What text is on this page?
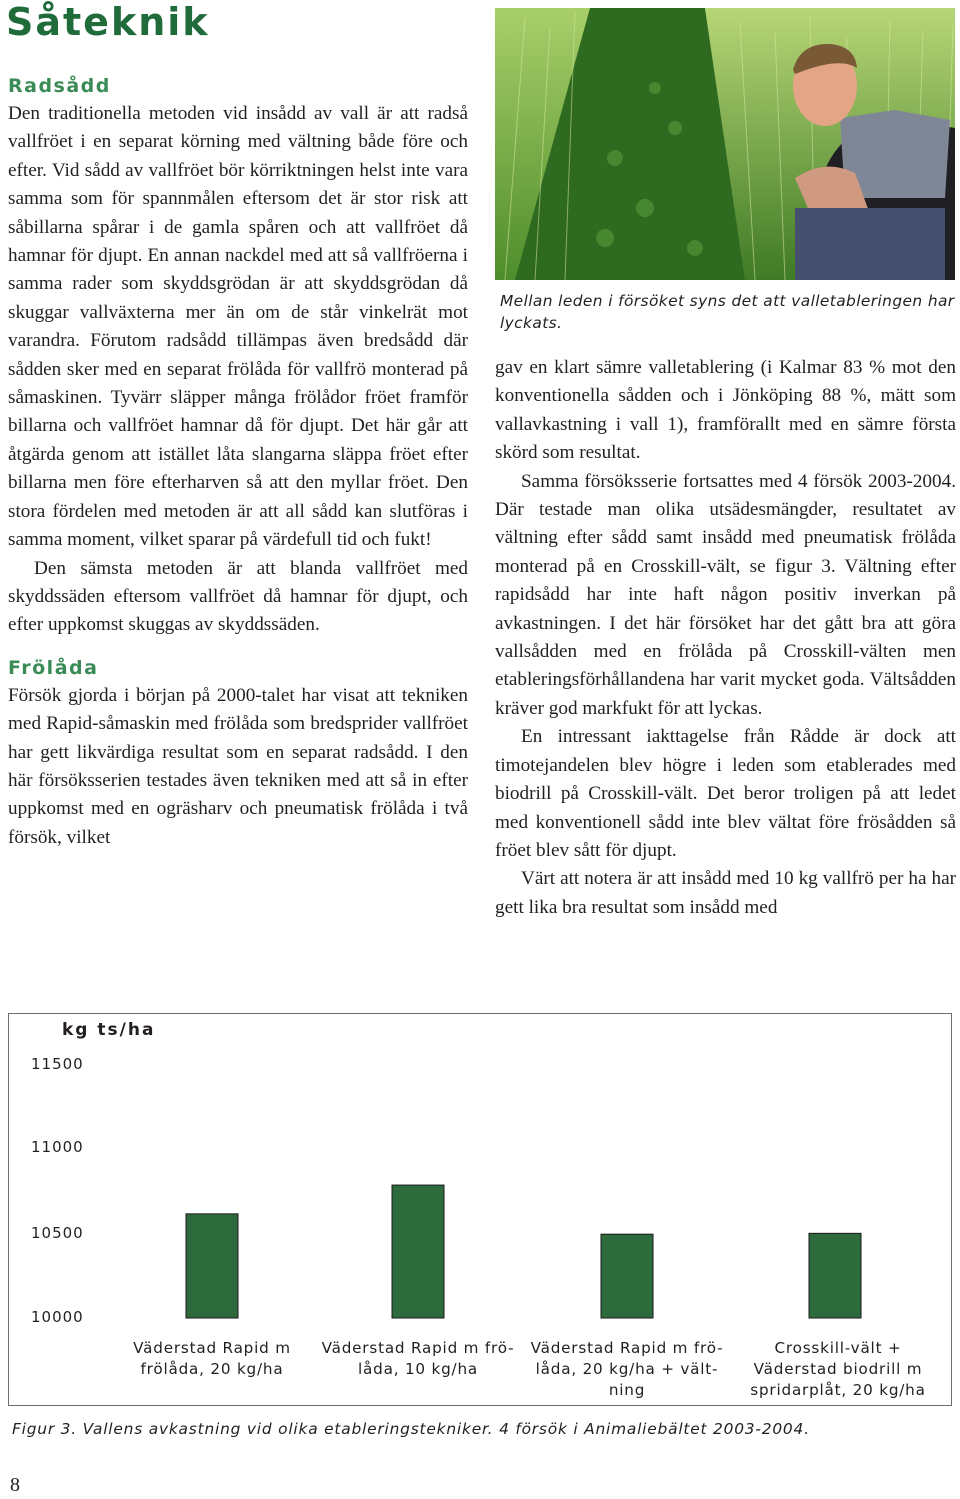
Såteknik
Radsådd

Den traditionella metoden vid insådd av vall är att radså vallfröet i en separat körning med vältning både före och efter. Vid sådd av vallfröet bör körriktningen helst inte vara samma som för spannmålen eftersom det är stor risk att såbillarna spårar i de gamla spåren och att vallfröet då hamnar för djupt. En annan nackdel med att så vallfröerna i samma rader som skyddsgrödan är att skyddsgrödan då skuggar vallväxterna mer än om de står vinkelrät mot varandra. Förutom radsådd tillämpas även bredsådd där sådden sker med en separat frölåda för vallfrö monterad på såmaskinen. Tyvärr släpper många frölådor fröet framför billarna och vallfröet hamnar då för djupt. Det här går att åtgärda genom att istället låta slangarna släppa fröet efter billarna men före efterharven så att den myllar fröet. Den stora fördelen med metoden är att all sådd kan slutföras i samma moment, vilket sparar på värdefull tid och fukt!

Den sämsta metoden är att blanda vallfröet med skyddssäden eftersom vallfröet då hamnar för djupt, och efter uppkomst skuggas av skyddssäden.

Frölåda

Försök gjorda i början på 2000-talet har visat att tekniken med Rapid-såmaskin med frölåda som bredsprider vallfröet har gett likvärdiga resultat som en separat radsådd. I den här försöksserien testades även tekniken med att så in efter uppkomst med en ogräsharv och pneumatisk frölåda i två försök, vilket

Mellan leden i försöket syns det att valletableringen har lyckats.

gav en klart sämre valletablering (i Kalmar 83 % mot den konventionella sådden och i Jönköping 88 %, mätt som vallavkastning i vall 1), framförallt med en sämre första skörd som resultat.

Samma försöksserie fortsattes med 4 försök 2003-2004. Där testade man olika utsädesmängder, resultatet av vältning efter sådd samt insådd med pneumatisk frölåda monterad på en Crosskill-vält, se figur 3. Vältning efter rapidsådd har inte haft någon positiv inverkan på avkastningen. I det här försöket har det gått bra att göra vallsådden med en frölåda på Crosskill-välten men etableringsförhållandena har varit mycket goda. Vältsådden kräver god markfukt för att lyckas.

En intressant iakttagelse från Rådde är dock att timotejandelen blev högre i leden som etablerades med biodrill på Crosskill-vält. Det beror troligen på att ledet med konventionell sådd inte blev vältat före frösådden så fröet blev sått för djupt.

Värt att notera är att insådd med 10 kg vallfrö per ha har gett lika bra resultat som insådd med

kg ts/ha
11500
11000
10500
10000
Väderstad Rapid m frölåda, 20 kg/ha
Väderstad Rapid m frö- låda, 10 kg/ha
Väderstad Rapid m frö- låda, 20 kg/ha + vält- ning
Crosskill-vält + Väderstad biodrill m spridarplåt, 20 kg/ha
Figur 3. Vallens avkastning vid olika etableringstekniker. 4 försök i Animaliebältet 2003-2004.
8
